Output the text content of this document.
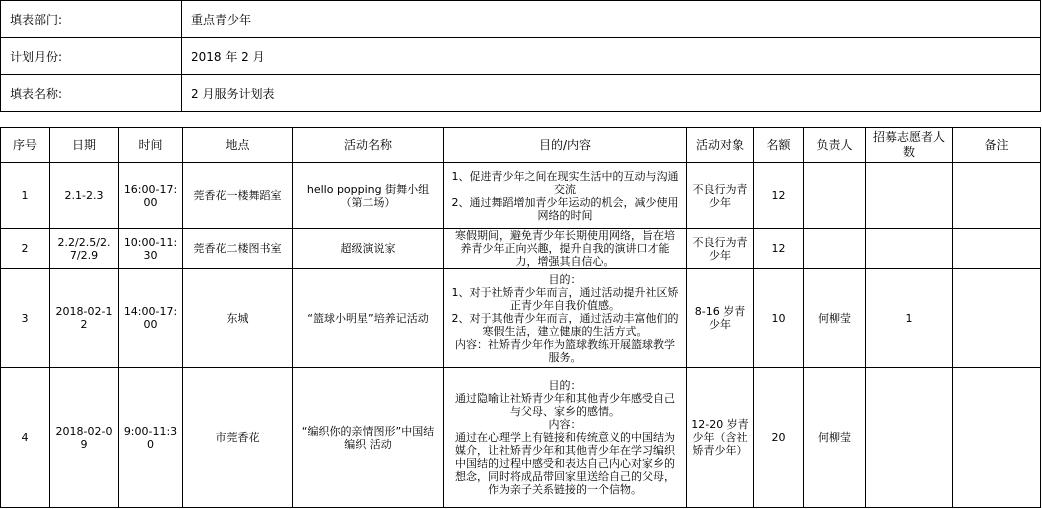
填表部门:	重点青少年
计划月份:	2018 年 2 月
填表名称:	2 月服务计划表
序号	日期	时间	地点	活动名称	目的/内容	活动对象	名额	负责人	招募志愿者人数	备注

1	2.1-2.3	16:00-17:00	莞香花一楼舞蹈室	hello popping 街舞小组（第二场）	1、促进青少年之间在现实生活中的互动与沟通交流
2、通过舞蹈增加青少年运动的机会，减少使用网络的时间	不良行为青少年	12			

2	2.2/2.5/2.7/2.9	10:00-11:30	莞香花二楼图书室	超级演说家	寒假期间，避免青少年长期使用网络，旨在培养青少年正向兴趣，提升自我的演讲口才能力，增强其自信心。	不良行为青少年	12			

3	2018-02-12	14:00-17:00	东城	“篮球小明星”培养记活动	目的：
1、对于社矫青少年而言，通过活动提升社区矫正青少年自我价值感。
2、对于其他青少年而言，通过活动丰富他们的寒假生活，建立健康的生活方式。
内容：社矫青少年作为篮球教练开展篮球教学服务。	8-16 岁青少年	10	何柳莹	1	

4	2018-02-09	9:00-11:30	市莞香花	“编织你的亲情图形”中国结编织 活动	目的：
通过隐喻让社矫青少年和其他青少年感受自己与父母、家乡的感情。
内容：
通过在心理学上有链接和传统意义的中国结为媒介，让社矫青少年和其他青少年在学习编织中国结的过程中感受和表达自己内心对家乡的想念，同时将成品带回家里送给自己的父母，作为亲子关系链接的一个信物。	12-20 岁青少年（含社矫青少年）	20	何柳莹		
